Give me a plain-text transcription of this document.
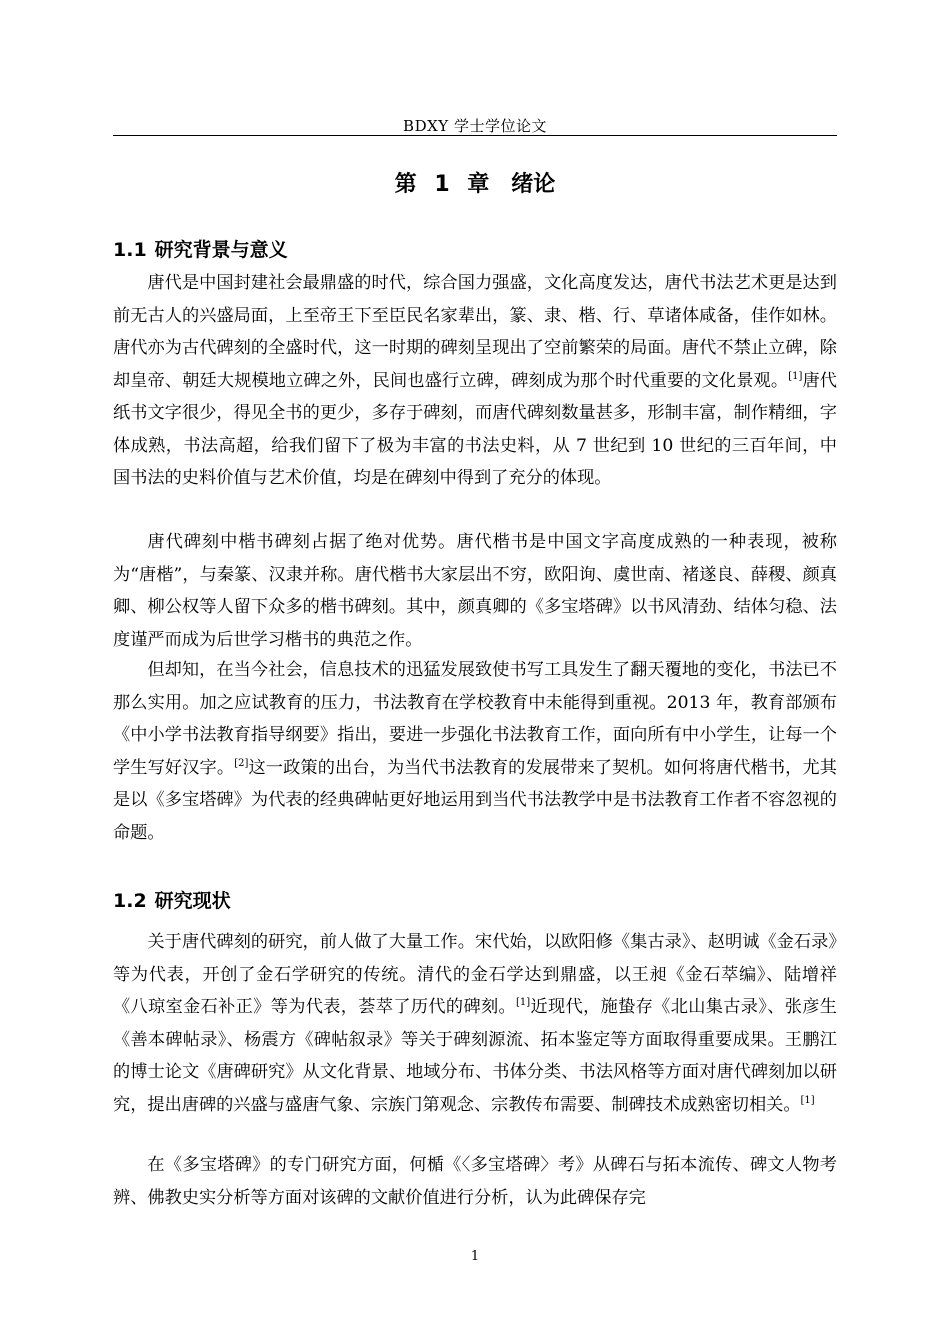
BDXY 学士学位论文
第 1 章　绪论
1.1 研究背景与意义

唐代是中国封建社会最鼎盛的时代，综合国力强盛，文化高度发达，唐代书法艺术更是达到前无古人的兴盛局面，上至帝王下至臣民名家辈出，篆、隶、楷、行、草诸体咸备，佳作如林。唐代亦为古代碑刻的全盛时代，这一时期的碑刻呈现出了空前繁荣的局面。唐代不禁止立碑，除却皇帝、朝廷大规模地立碑之外，民间也盛行立碑，碑刻成为那个时代重要的文化景观。[1]唐代纸书文字很少，得见全书的更少，多存于碑刻，而唐代碑刻数量甚多，形制丰富，制作精细，字体成熟，书法高超，给我们留下了极为丰富的书法史料，从 7 世纪到 10 世纪的三百年间，中国书法的史料价值与艺术价值，均是在碑刻中得到了充分的体现。

唐代碑刻中楷书碑刻占据了绝对优势。唐代楷书是中国文字高度成熟的一种表现，被称为“唐楷”，与秦篆、汉隶并称。唐代楷书大家层出不穷，欧阳询、虞世南、褚遂良、薛稷、颜真卿、柳公权等人留下众多的楷书碑刻。其中，颜真卿的《多宝塔碑》以书风清劲、结体匀稳、法度谨严而成为后世学习楷书的典范之作。

但却知，在当今社会，信息技术的迅猛发展致使书写工具发生了翻天覆地的变化，书法已不那么实用。加之应试教育的压力，书法教育在学校教育中未能得到重视。2013 年，教育部颁布《中小学书法教育指导纲要》指出，要进一步强化书法教育工作，面向所有中小学生，让每一个学生写好汉字。[2]这一政策的出台，为当代书法教育的发展带来了契机。如何将唐代楷书，尤其是以《多宝塔碑》为代表的经典碑帖更好地运用到当代书法教学中是书法教育工作者不容忽视的命题。

1.2 研究现状

关于唐代碑刻的研究，前人做了大量工作。宋代始，以欧阳修《集古录》、赵明诚《金石录》等为代表，开创了金石学研究的传统。清代的金石学达到鼎盛，以王昶《金石萃编》、陆增祥《八琼室金石补正》等为代表，荟萃了历代的碑刻。[1]近现代，施蛰存《北山集古录》、张彦生《善本碑帖录》、杨震方《碑帖叙录》等关于碑刻源流、拓本鉴定等方面取得重要成果。王鹏江的博士论文《唐碑研究》从文化背景、地域分布、书体分类、书法风格等方面对唐代碑刻加以研究，提出唐碑的兴盛与盛唐气象、宗族门第观念、宗教传布需要、制碑技术成熟密切相关。[1]

在《多宝塔碑》的专门研究方面，何楯《〈多宝塔碑〉考》从碑石与拓本流传、碑文人物考辨、佛教史实分析等方面对该碑的文献价值进行分析，认为此碑保存完

1
